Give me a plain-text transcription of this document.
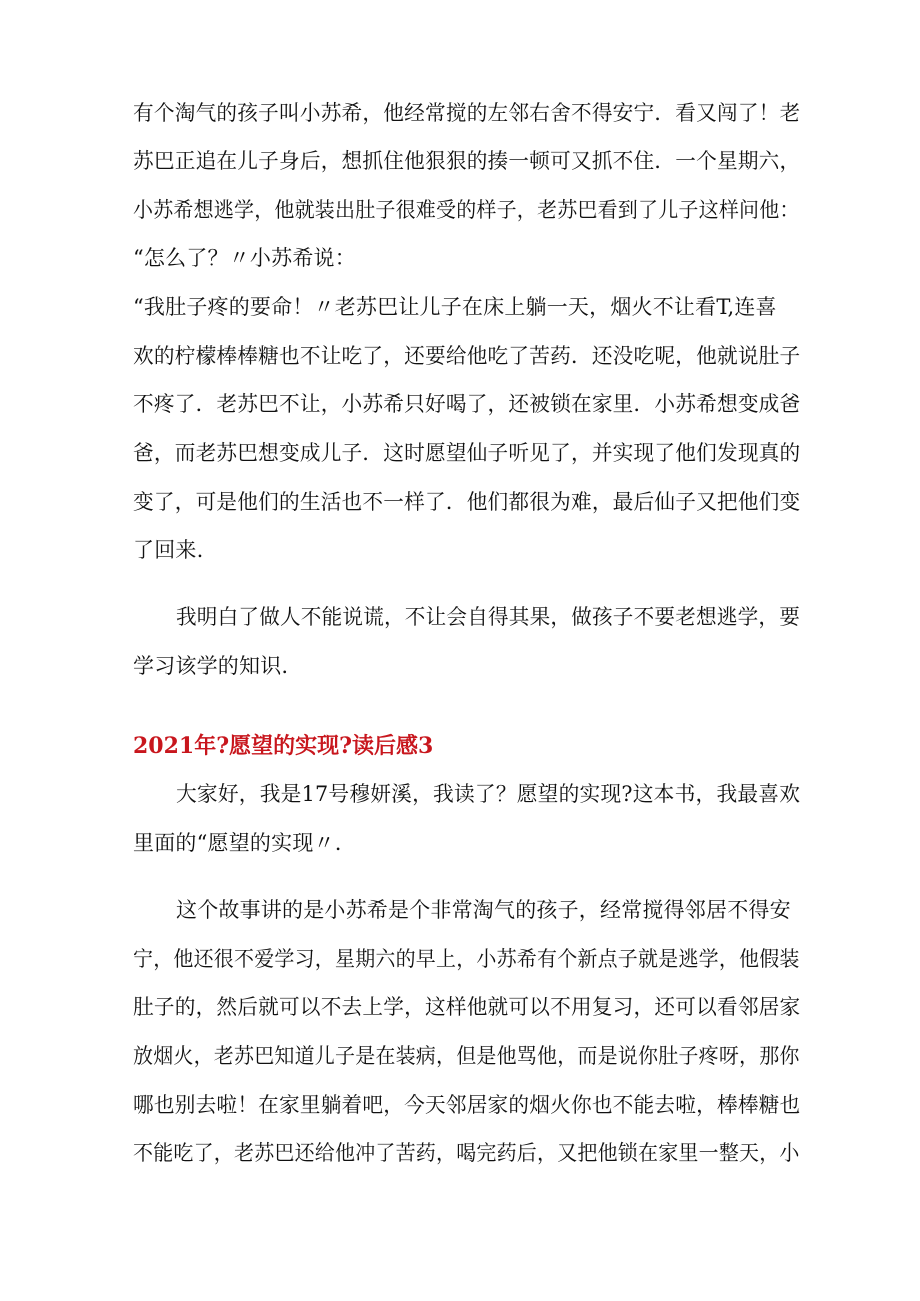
有个淘气的孩子叫小苏希，他经常搅的左邻右舍不得安宁．看又闯了！老
苏巴正追在儿子身后，想抓住他狠狠的揍一顿可又抓不住．一个星期六，
小苏希想逃学，他就装出肚子很难受的样子，老苏巴看到了儿子这样问他：
“怎么了？〃小苏希说：
“我肚子疼的要命！〃老苏巴让儿子在床上躺一天，烟火不让看T,连喜
欢的柠檬棒棒糖也不让吃了，还要给他吃了苦药．还没吃呢，他就说肚子
不疼了．老苏巴不让，小苏希只好喝了，还被锁在家里．小苏希想变成爸
爸，而老苏巴想变成儿子．这时愿望仙子听见了，并实现了他们发现真的
变了，可是他们的生活也不一样了．他们都很为难，最后仙子又把他们变
了回来.
我明白了做人不能说谎，不让会自得其果，做孩子不要老想逃学，要
学习该学的知识.
2021年?愿望的实现?读后感3
大家好，我是17号穆妍溪，我读了？愿望的实现?这本书，我最喜欢
里面的“愿望的实现〃.
这个故事讲的是小苏希是个非常淘气的孩子，经常搅得邻居不得安
宁，他还很不爱学习，星期六的早上，小苏希有个新点子就是逃学，他假装
肚子的，然后就可以不去上学，这样他就可以不用复习，还可以看邻居家
放烟火，老苏巴知道儿子是在装病，但是他骂他，而是说你肚子疼呀，那你
哪也别去啦！在家里躺着吧，今天邻居家的烟火你也不能去啦，棒棒糖也
不能吃了，老苏巴还给他冲了苦药，喝完药后，又把他锁在家里一整天，小
